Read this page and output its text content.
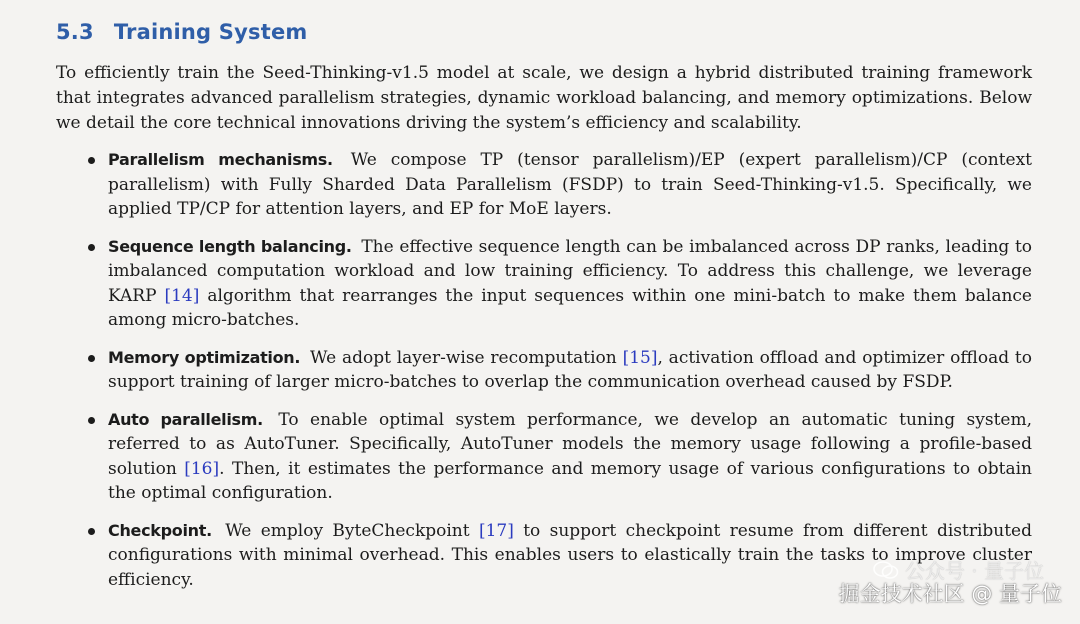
5.3 Training System

To efficiently train the Seed-Thinking-v1.5 model at scale, we design a hybrid distributed training framework that integrates advanced parallelism strategies, dynamic workload balancing, and memory optimizations. Below we detail the core technical innovations driving the system’s efficiency and scalability.

Parallelism mechanisms. We compose TP (tensor parallelism)/EP (expert parallelism)/CP (context parallelism) with Fully Sharded Data Parallelism (FSDP) to train Seed-Thinking-v1.5. Specifically, we applied TP/CP for attention layers, and EP for MoE layers.
Sequence length balancing. The effective sequence length can be imbalanced across DP ranks, leading to imbalanced computation workload and low training efficiency. To address this challenge, we leverage KARP [14] algorithm that rearranges the input sequences within one mini-batch to make them balance among micro-batches.
Memory optimization. We adopt layer-wise recomputation [15], activation offload and optimizer offload to support training of larger micro-batches to overlap the communication overhead caused by FSDP.
Auto parallelism. To enable optimal system performance, we develop an automatic tuning system, referred to as AutoTuner. Specifically, AutoTuner models the memory usage following a profile-based solution [16]. Then, it estimates the performance and memory usage of various configurations to obtain the optimal configuration.
Checkpoint. We employ ByteCheckpoint [17] to support checkpoint resume from different distributed configurations with minimal overhead. This enables users to elastically train the tasks to improve cluster efficiency.	公众号 · 量子位
掘金技术社区 @ 量子位
